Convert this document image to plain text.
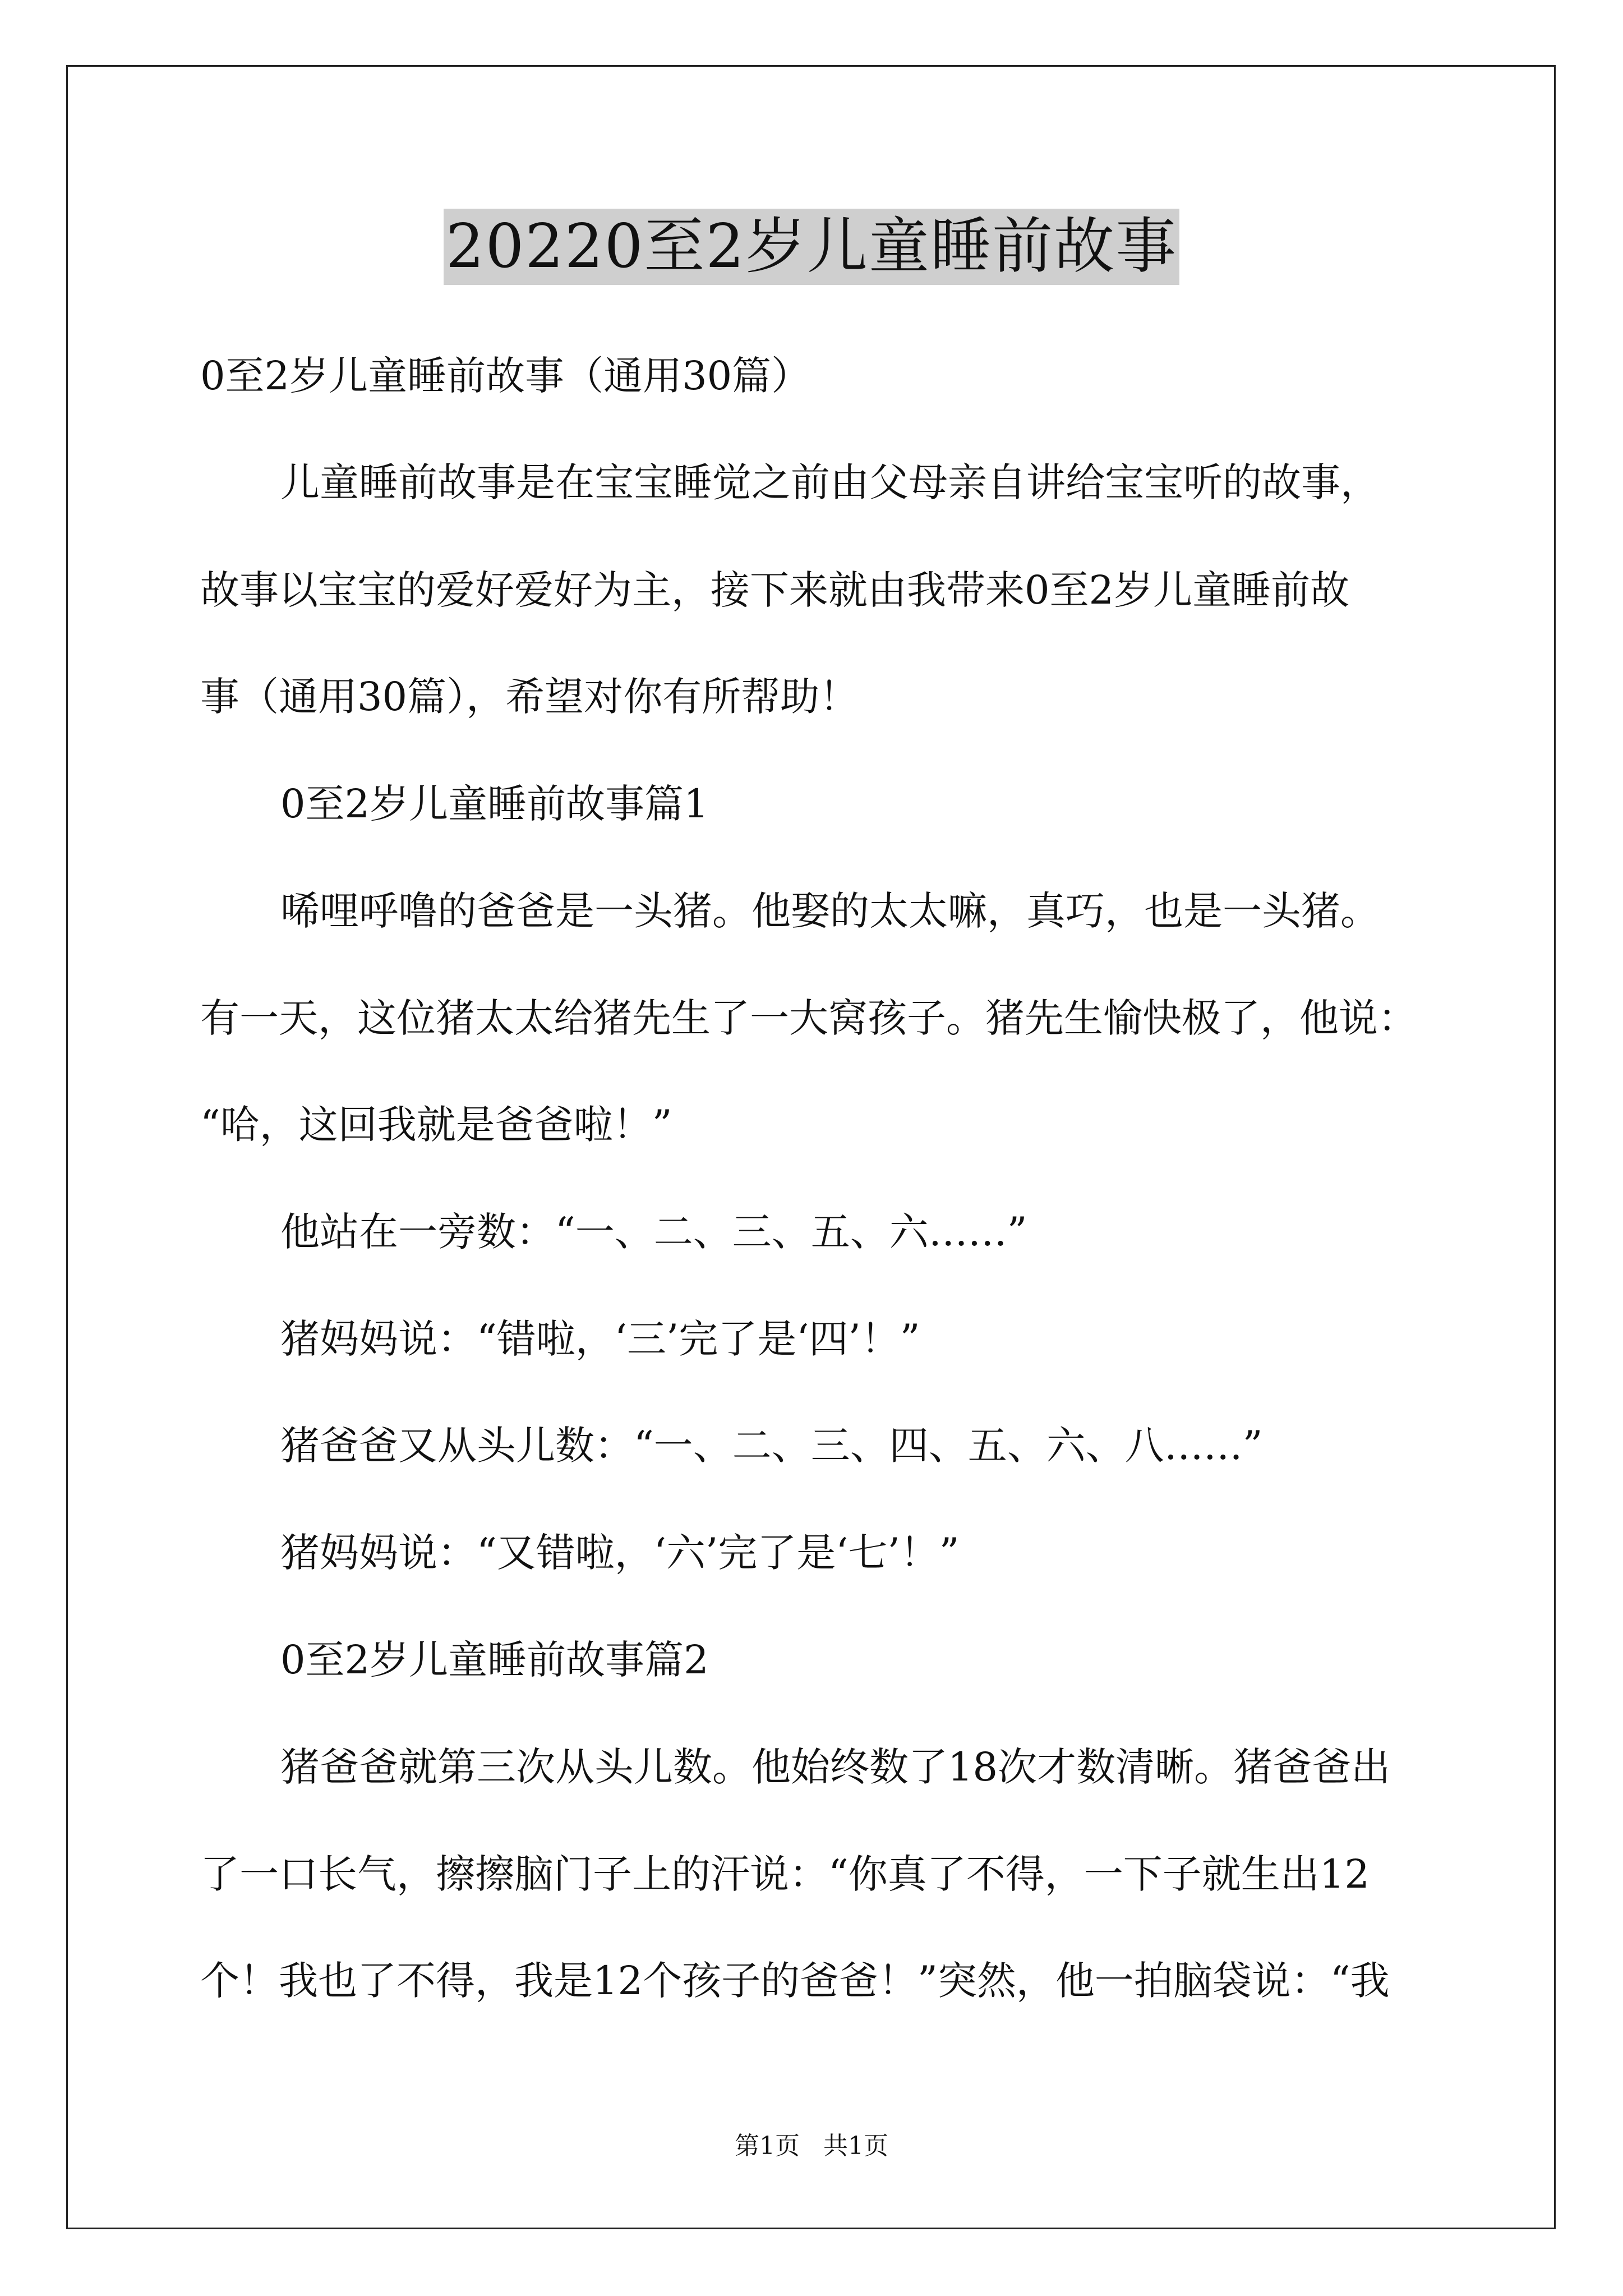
20220至2岁儿童睡前故事
0至2岁儿童睡前故事（通用30篇）
儿童睡前故事是在宝宝睡觉之前由父母亲自讲给宝宝听的故事，
故事以宝宝的爱好爱好为主，接下来就由我带来0至2岁儿童睡前故
事（通用30篇），希望对你有所帮助！
0至2岁儿童睡前故事篇1
唏哩呼噜的爸爸是一头猪。他娶的太太嘛，真巧，也是一头猪。
有一天，这位猪太太给猪先生了一大窝孩子。猪先生愉快极了，他说：
“哈，这回我就是爸爸啦！”
他站在一旁数：“一、二、三、五、六……”
猪妈妈说：“错啦，‘三’完了是‘四’！”
猪爸爸又从头儿数：“一、二、三、四、五、六、八……”
猪妈妈说：“又错啦，‘六’完了是‘七’！”
0至2岁儿童睡前故事篇2
猪爸爸就第三次从头儿数。他始终数了18次才数清晰。猪爸爸出
了一口长气，擦擦脑门子上的汗说：“你真了不得，一下子就生出12
个！我也了不得，我是12个孩子的爸爸！”突然，他一拍脑袋说：“我
第1页   共1页
